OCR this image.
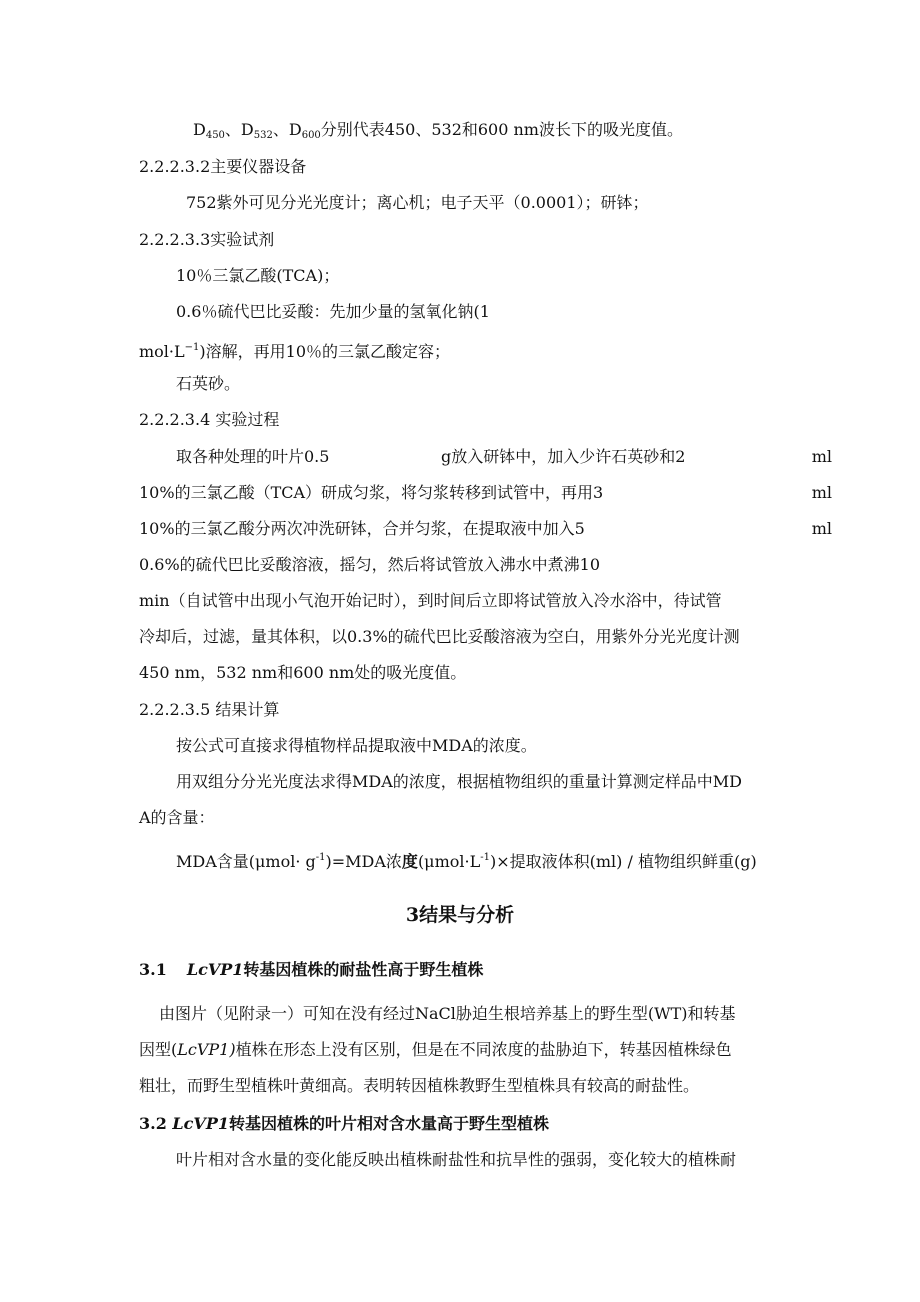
$D_{450}$、$D_{532}$、$D_{600}$分别代表450、532和600 nm波长下的吸光度值。
2.2.2.3.2主要仪器设备
752紫外可见分光光度计；离心机；电子天平（0.0001）；研钵；
2.2.2.3.3实验试剂
10％三氯乙酸(TCA)；
0.6％硫代巴比妥酸：先加少量的氢氧化钠(1
$mol\cdot L^{-1}$)溶解，再用10％的三氯乙酸定容；
石英砂。
2.2.2.3.4 实验过程
取各种处理的叶片0.5	g放入研钵中，加入少许石英砂和2	ml
10%的三氯乙酸（TCA）研成匀浆，将匀浆转移到试管中，再用3	ml
10%的三氯乙酸分两次冲洗研钵，合并匀浆，在提取液中加入5	ml
0.6%的硫代巴比妥酸溶液，摇匀，然后将试管放入沸水中煮沸10
min（自试管中出现小气泡开始记时），到时间后立即将试管放入冷水浴中，待试管
冷却后，过滤，量其体积，以0.3%的硫代巴比妥酸溶液为空白，用紫外分光光度计测
450 nm，532 nm和600 nm处的吸光度值。
2.2.2.3.5 结果计算
按公式可直接求得植物样品提取液中MDA的浓度。
用双组分分光光度法求得MDA的浓度，根据植物组织的重量计算测定样品中MD
A的含量：
MDA含量$(\mu mol\cdot g^{-1})=MDA$浓度$(\mu mol\cdot L^{-1})\times$提取液体积(ml) / 植物组织鲜重(g)
3结果与分析
3.1 LcVP1转基因植株的耐盐性高于野生植株
由图片（见附录一）可知在没有经过NaCl胁迫生根培养基上的野生型(WT)和转基
因型(LcVP1)植株在形态上没有区别，但是在不同浓度的盐胁迫下，转基因植株绿色
粗壮，而野生型植株叶黄细高。表明转因植株教野生型植株具有较高的耐盐性。
3.2 LcVP1转基因植株的叶片相对含水量高于野生型植株
叶片相对含水量的变化能反映出植株耐盐性和抗旱性的强弱，变化较大的植株耐
